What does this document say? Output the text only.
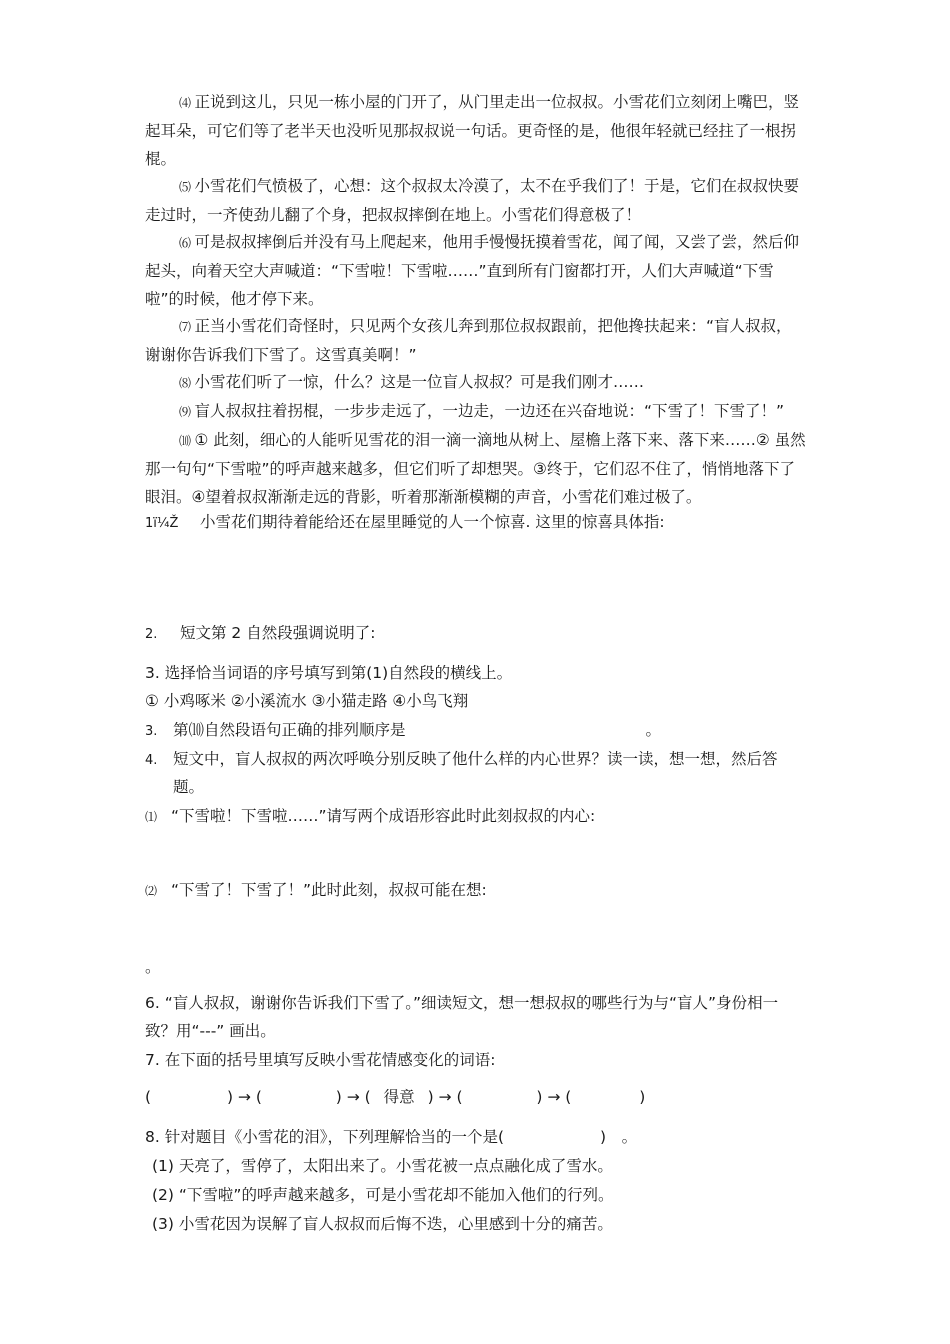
⑷ 正说到这儿，只见一栋小屋的门开了，从门里走出一位叔叔。小雪花们立刻闭上嘴巴，竖起耳朵，可它们等了老半天也没听见那叔叔说一句话。更奇怪的是，他很年轻就已经拄了一根拐棍。
⑸ 小雪花们气愤极了，心想：这个叔叔太冷漠了，太不在乎我们了！于是，它们在叔叔快要走过时，一齐使劲儿翻了个身，把叔叔摔倒在地上。小雪花们得意极了！
⑹ 可是叔叔摔倒后并没有马上爬起来，他用手慢慢抚摸着雪花，闻了闻，又尝了尝，然后仰起头，向着天空大声喊道：“下雪啦！下雪啦……”直到所有门窗都打开，人们大声喊道“下雪啦”的时候，他才停下来。
⑺ 正当小雪花们奇怪时，只见两个女孩儿奔到那位叔叔跟前，把他搀扶起来：“盲人叔叔，谢谢你告诉我们下雪了。这雪真美啊！”
⑻ 小雪花们听了一惊，什么？这是一位盲人叔叔？可是我们刚才……
⑼ 盲人叔叔拄着拐棍，一步步走远了，一边走，一边还在兴奋地说：“下雪了！下雪了！”
⑽ ① 此刻，细心的人能听见雪花的泪一滴一滴地从树上、屋檐上落下来、落下来……② 虽然那一句句“下雪啦”的呼声越来越多，但它们听了却想哭。③终于，它们忍不住了，悄悄地落下了眼泪。④望着叔叔渐渐走远的背影，听着那渐渐模糊的声音，小雪花们难过极了。
1ï¼Ž 小雪花们期待着能给还在屋里睡觉的人一个惊喜. 这里的惊喜具体指:
2. 短文第 2 自然段强调说明了:
3. 选择恰当词语的序号填写到第(1)自然段的横线上。
① 小鸡啄米 ②小溪流水 ③小猫走路 ④小鸟飞翔
3. 第⑽自然段语句正确的排列顺序是	。
4. 短文中，盲人叔叔的两次呼唤分别反映了他什么样的内心世界？读一读，想一想，然后答
题。
⑴ “下雪啦！下雪啦……”请写两个成语形容此时此刻叔叔的内心:
⑵ “下雪了！下雪了！”此时此刻，叔叔可能在想:
。
6. “盲人叔叔，谢谢你告诉我们下雪了。”细读短文，想一想叔叔的哪些行为与“盲人”身份相一
致？用“---” 画出。
7. 在下面的括号里填写反映小雪花情感变化的词语:
(	) → (	) → ( 得意 ) → (	) → (	)
8. 针对题目《小雪花的泪》，下列理解恰当的一个是(	)　。
(1) 天亮了，雪停了，太阳出来了。小雪花被一点点融化成了雪水。
(2) “下雪啦”的呼声越来越多，可是小雪花却不能加入他们的行列。
(3) 小雪花因为误解了盲人叔叔而后悔不迭，心里感到十分的痛苦。
